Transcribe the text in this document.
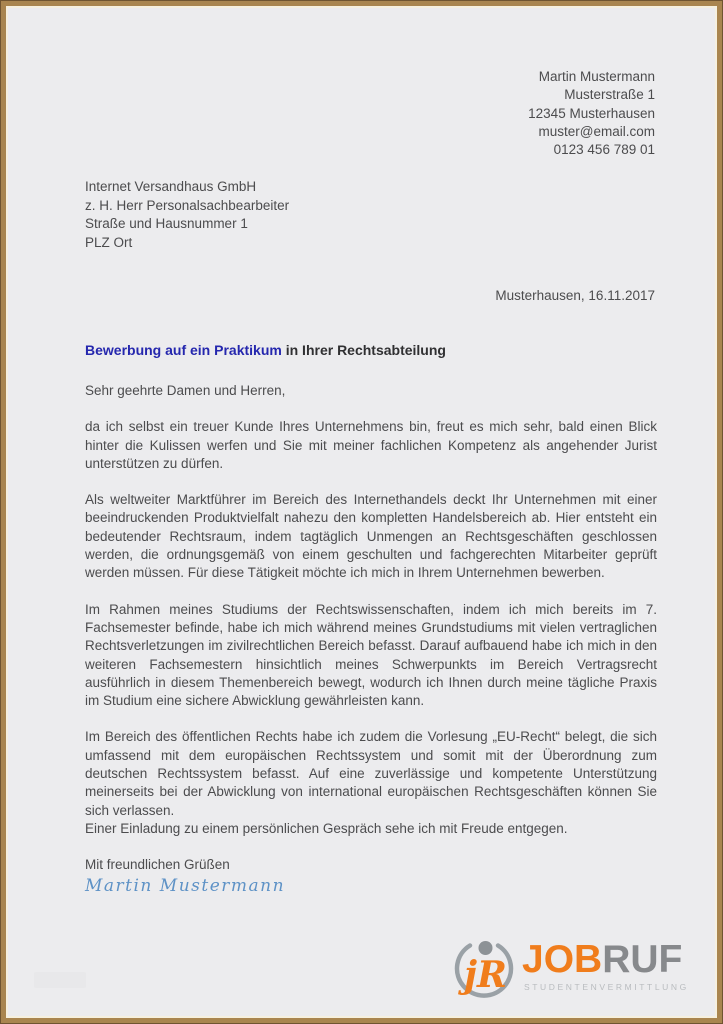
Martin Mustermann
Musterstraße 1
12345 Musterhausen
muster@email.com
0123 456 789 01
Internet Versandhaus GmbH
z. H. Herr Personalsachbearbeiter
Straße und Hausnummer 1
PLZ Ort
Musterhausen, 16.11.2017
Bewerbung auf ein Praktikum in Ihrer Rechtsabteilung

Sehr geehrte Damen und Herren,

da ich selbst ein treuer Kunde Ihres Unternehmens bin, freut es mich sehr, bald einen Blick hinter die Kulissen werfen und Sie mit meiner fachlichen Kompetenz als angehender Jurist unterstützen zu dürfen.

Als weltweiter Marktführer im Bereich des Internethandels deckt Ihr Unternehmen mit einer beeindruckenden Produktvielfalt nahezu den kompletten Handelsbereich ab. Hier entsteht ein bedeutender Rechtsraum, indem tagtäglich Unmengen an Rechtsgeschäften geschlossen werden, die ordnungsgemäß von einem geschulten und fachgerechten Mitarbeiter geprüft werden müssen. Für diese Tätigkeit möchte ich mich in Ihrem Unternehmen bewerben.

Im Rahmen meines Studiums der Rechtswissenschaften, indem ich mich bereits im 7. Fachsemester befinde, habe ich mich während meines Grundstudiums mit vielen vertraglichen Rechtsverletzungen im zivilrechtlichen Bereich befasst. Darauf aufbauend habe ich mich in den weiteren Fachsemestern hinsichtlich meines Schwerpunkts im Bereich Vertragsrecht ausführlich in diesem Themenbereich bewegt, wodurch ich Ihnen durch meine tägliche Praxis im Studium eine sichere Abwicklung gewährleisten kann.

Im Bereich des öffentlichen Rechts habe ich zudem die Vorlesung „EU-Recht“ belegt, die sich umfassend mit dem europäischen Rechtssystem und somit mit der Überordnung zum deutschen Rechtssystem befasst. Auf eine zuverlässige und kompetente Unterstützung meinerseits bei der Abwicklung von international europäischen Rechtsgeschäften können Sie sich verlassen.

Einer Einladung zu einem persönlichen Gespräch sehe ich mit Freude entgegen.

Mit freundlichen Grüßen

Martin Mustermann
jR JOBRUF
STUDENTENVERMITTLUNG
